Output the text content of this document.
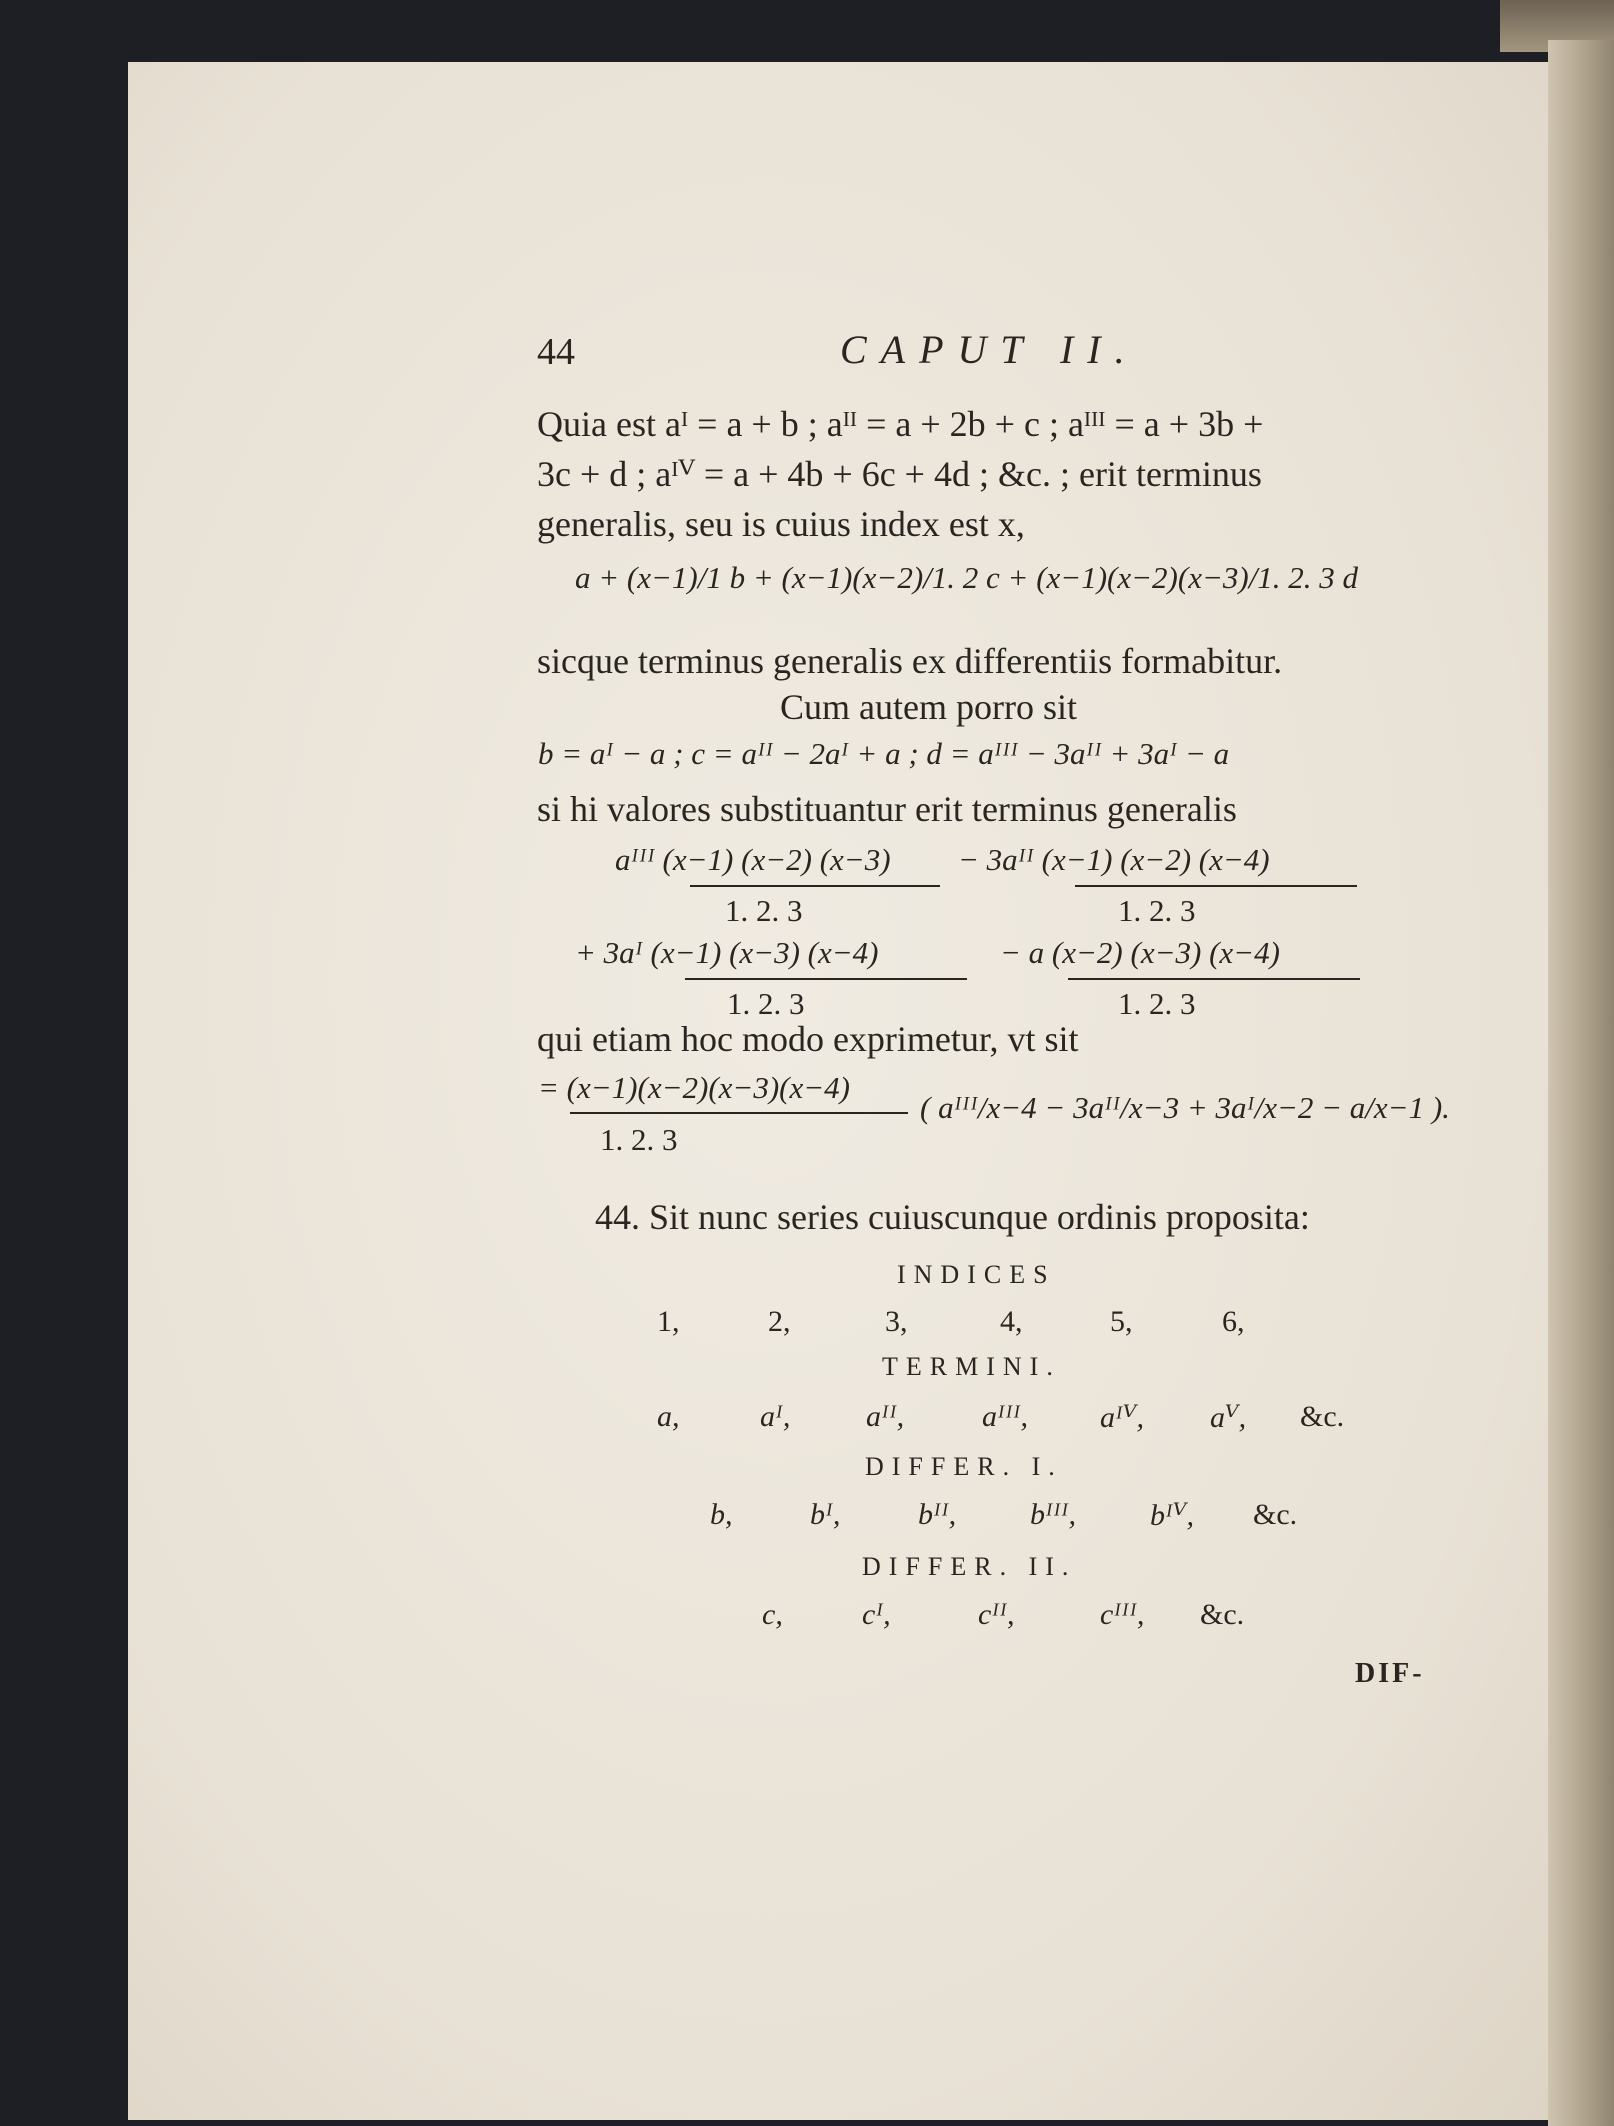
44	CAPUT II.
Quia est aᴵ = a + b ; aᴵᴵ = a + 2b + c ; aᴵᴵᴵ = a + 3b +
3c + d ; aᴵⱽ = a + 4b + 6c + 4d ; &c. ; erit terminus
generalis, seu is cuius index est x,
a + (x−1)/1 b + (x−1)(x−2)/1. 2 c + (x−1)(x−2)(x−3)/1. 2. 3 d
sicque terminus generalis ex differentiis formabitur.
Cum autem porro sit
b = aᴵ − a ; c = aᴵᴵ − 2aᴵ + a ; d = aᴵᴵᴵ − 3aᴵᴵ + 3aᴵ − a
si hi valores substituantur erit terminus generalis
aᴵᴵᴵ (x−1) (x−2) (x−3)
1. 2. 3
− 3aᴵᴵ (x−1) (x−2) (x−4)
1. 2. 3
+ 3aᴵ (x−1) (x−3) (x−4)
1. 2. 3
− a (x−2) (x−3) (x−4)
1. 2. 3
qui etiam hoc modo exprimetur, vt sit
= (x−1)(x−2)(x−3)(x−4)
1. 2. 3
( aᴵᴵᴵ/x−4 − 3aᴵᴵ/x−3 + 3aᴵ/x−2 − a/x−1 ).
44. Sit nunc series cuiuscunque ordinis proposita:
INDICES
1,	2,	3,	4,	5,	6,
TERMINI.
a,	aᴵ,	aᴵᴵ,	aᴵᴵᴵ, aᴵⱽ, aⱽ, &c.
DIFFER. I.
b,	bᴵ,	bᴵᴵ, bᴵᴵᴵ, bᴵⱽ, &c.
DIFFER. II.
c,	cᴵ,	cᴵᴵ,	cᴵᴵᴵ, &c.
DIF-
